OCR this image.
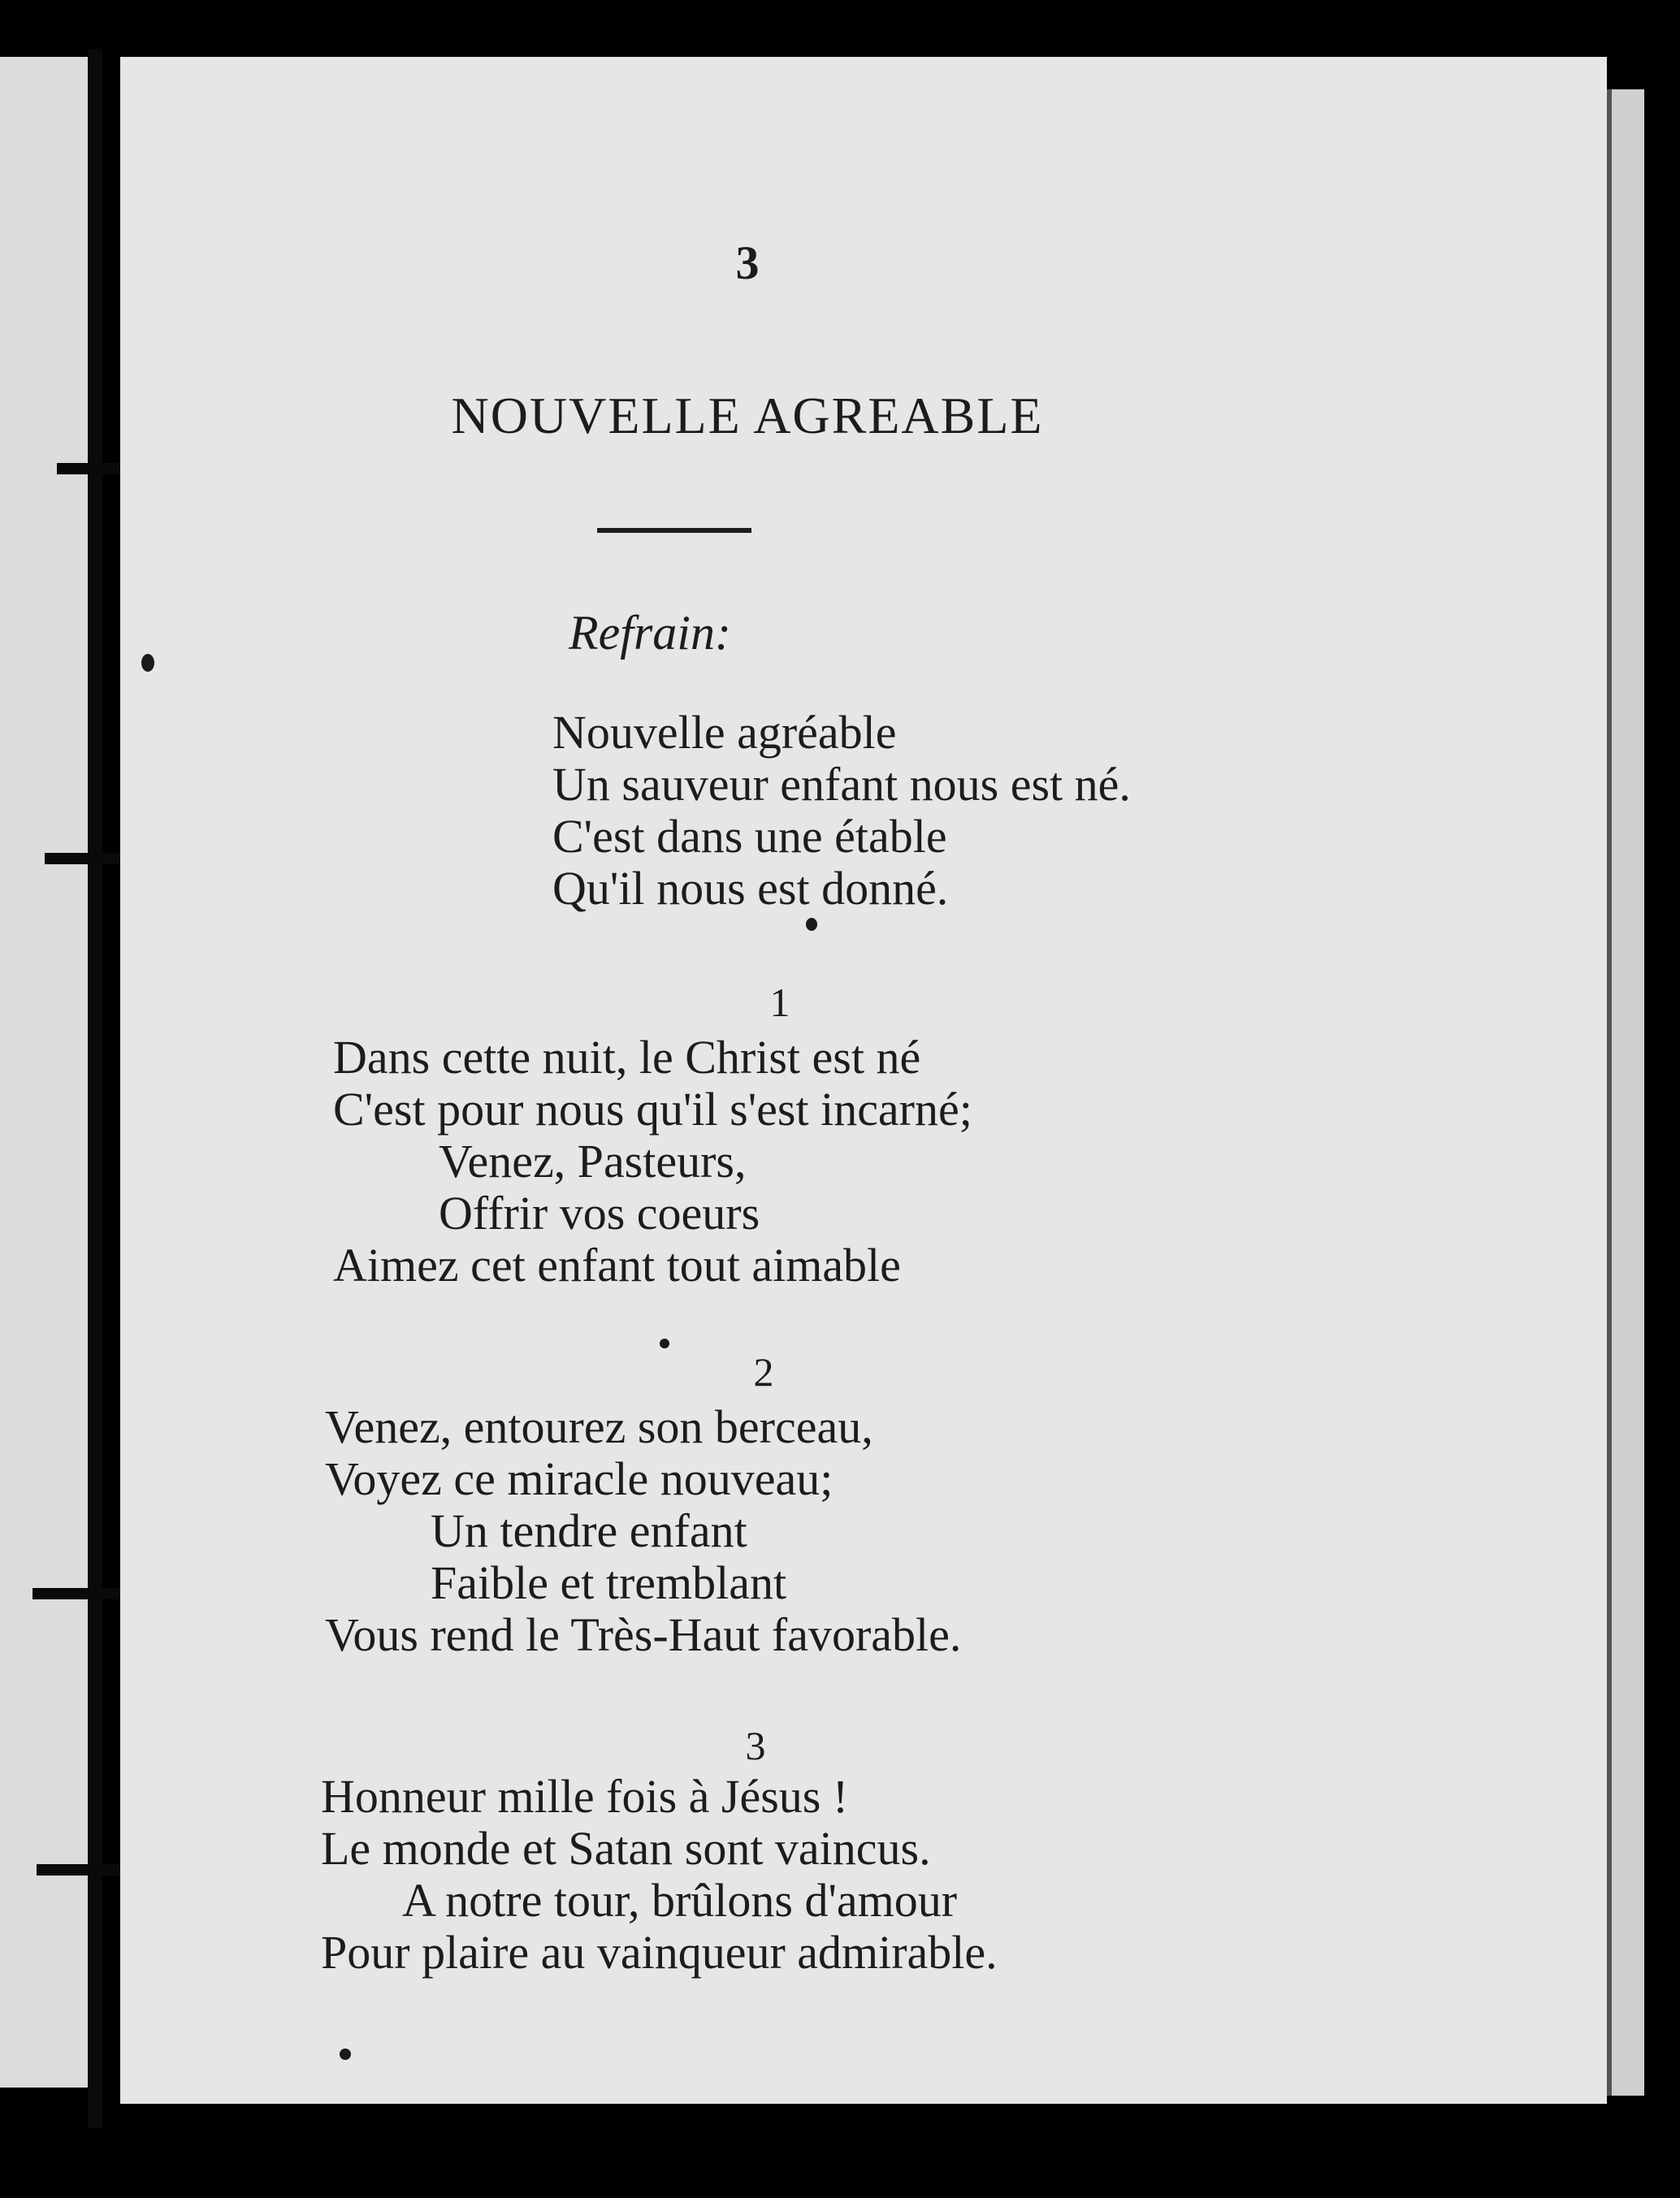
3
NOUVELLE AGREABLE
Refrain:
Nouvelle agréable
Un sauveur enfant nous est né.
C'est dans une étable
Qu'il nous est donné.
1
Dans cette nuit, le Christ est né
C'est pour nous qu'il s'est incarné;
Venez, Pasteurs,
Offrir vos coeurs
Aimez cet enfant tout aimable
2
Venez, entourez son berceau,
Voyez ce miracle nouveau;
Un tendre enfant
Faible et tremblant
Vous rend le Très-Haut favorable.
3
Honneur mille fois à Jésus !
Le monde et Satan sont vaincus.
A notre tour, brûlons d'amour
Pour plaire au vainqueur admirable.
